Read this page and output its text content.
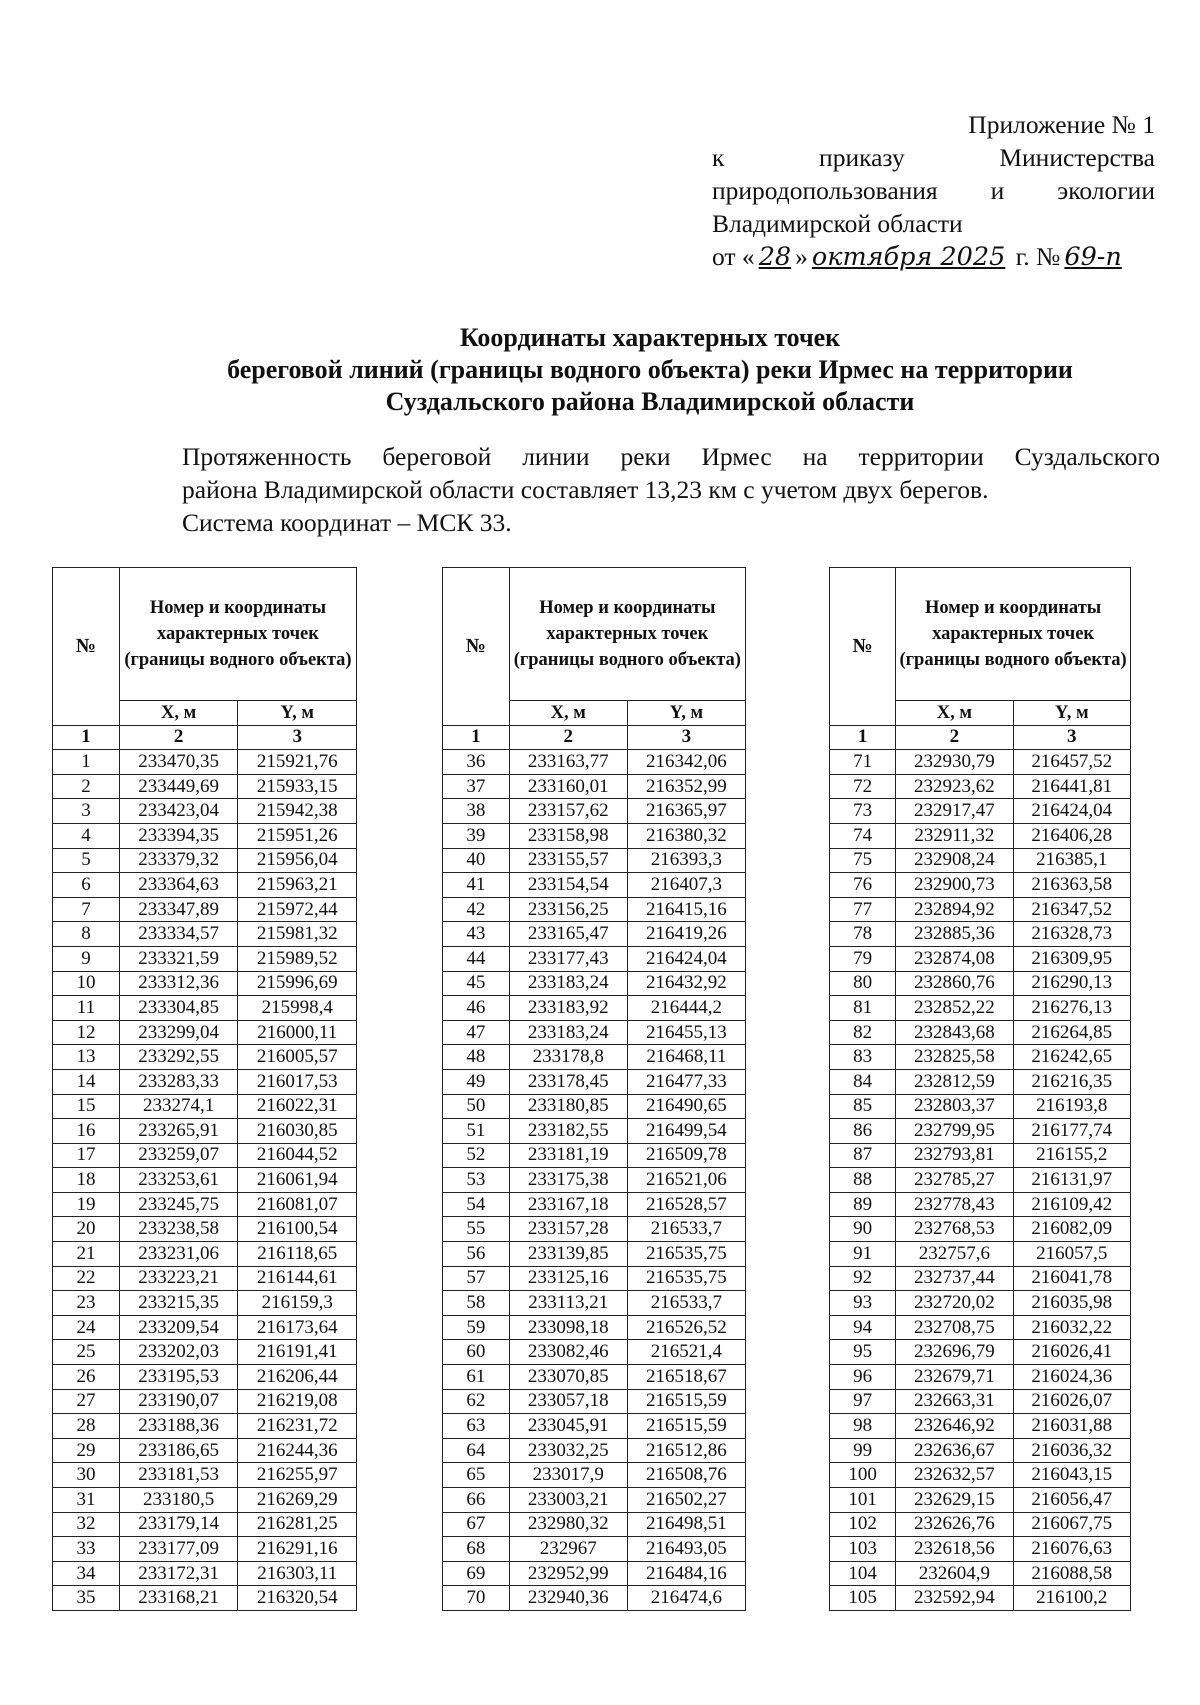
Приложение № 1
к	приказу	Министерства
природопользования и экологии
Владимирской области
от « 28 » октября 2025 г. № 69-п
Координаты характерных точек
береговой линий (границы водного объекта) реки Ирмес на территории
Суздальского района Владимирской области
Протяженность береговой линии реки Ирмес на территории Суздальского
района Владимирской области составляет 13,23 км с учетом двух берегов.
Система координат – МСК 33.
№	Номер и координаты характерных точек (границы водного объекта)	
	X, м	Y, м
1	2	3
1	233470,35	215921,76
2	233449,69	215933,15
3	233423,04	215942,38
4	233394,35	215951,26
5	233379,32	215956,04
6	233364,63	215963,21
7	233347,89	215972,44
8	233334,57	215981,32
9	233321,59	215989,52
10	233312,36	215996,69
11	233304,85	215998,4
12	233299,04	216000,11
13	233292,55	216005,57
14	233283,33	216017,53
15	233274,1	216022,31
16	233265,91	216030,85
17	233259,07	216044,52
18	233253,61	216061,94
19	233245,75	216081,07
20	233238,58	216100,54
21	233231,06	216118,65
22	233223,21	216144,61
23	233215,35	216159,3
24	233209,54	216173,64
25	233202,03	216191,41
26	233195,53	216206,44
27	233190,07	216219,08
28	233188,36	216231,72
29	233186,65	216244,36
30	233181,53	216255,97
31	233180,5	216269,29
32	233179,14	216281,25
33	233177,09	216291,16
34	233172,31	216303,11
35	233168,21	216320,54
№	Номер и координаты характерных точек (границы водного объекта)	
	X, м	Y, м
1	2	3
36	233163,77	216342,06
37	233160,01	216352,99
38	233157,62	216365,97
39	233158,98	216380,32
40	233155,57	216393,3
41	233154,54	216407,3
42	233156,25	216415,16
43	233165,47	216419,26
44	233177,43	216424,04
45	233183,24	216432,92
46	233183,92	216444,2
47	233183,24	216455,13
48	233178,8	216468,11
49	233178,45	216477,33
50	233180,85	216490,65
51	233182,55	216499,54
52	233181,19	216509,78
53	233175,38	216521,06
54	233167,18	216528,57
55	233157,28	216533,7
56	233139,85	216535,75
57	233125,16	216535,75
58	233113,21	216533,7
59	233098,18	216526,52
60	233082,46	216521,4
61	233070,85	216518,67
62	233057,18	216515,59
63	233045,91	216515,59
64	233032,25	216512,86
65	233017,9	216508,76
66	233003,21	216502,27
67	232980,32	216498,51
68	232967	216493,05
69	232952,99	216484,16
70	232940,36	216474,6
№	Номер и координаты характерных точек (границы водного объекта)	
	X, м	Y, м
1	2	3
71	232930,79	216457,52
72	232923,62	216441,81
73	232917,47	216424,04
74	232911,32	216406,28
75	232908,24	216385,1
76	232900,73	216363,58
77	232894,92	216347,52
78	232885,36	216328,73
79	232874,08	216309,95
80	232860,76	216290,13
81	232852,22	216276,13
82	232843,68	216264,85
83	232825,58	216242,65
84	232812,59	216216,35
85	232803,37	216193,8
86	232799,95	216177,74
87	232793,81	216155,2
88	232785,27	216131,97
89	232778,43	216109,42
90	232768,53	216082,09
91	232757,6	216057,5
92	232737,44	216041,78
93	232720,02	216035,98
94	232708,75	216032,22
95	232696,79	216026,41
96	232679,71	216024,36
97	232663,31	216026,07
98	232646,92	216031,88
99	232636,67	216036,32
100	232632,57	216043,15
101	232629,15	216056,47
102	232626,76	216067,75
103	232618,56	216076,63
104	232604,9	216088,58
105	232592,94	216100,2
